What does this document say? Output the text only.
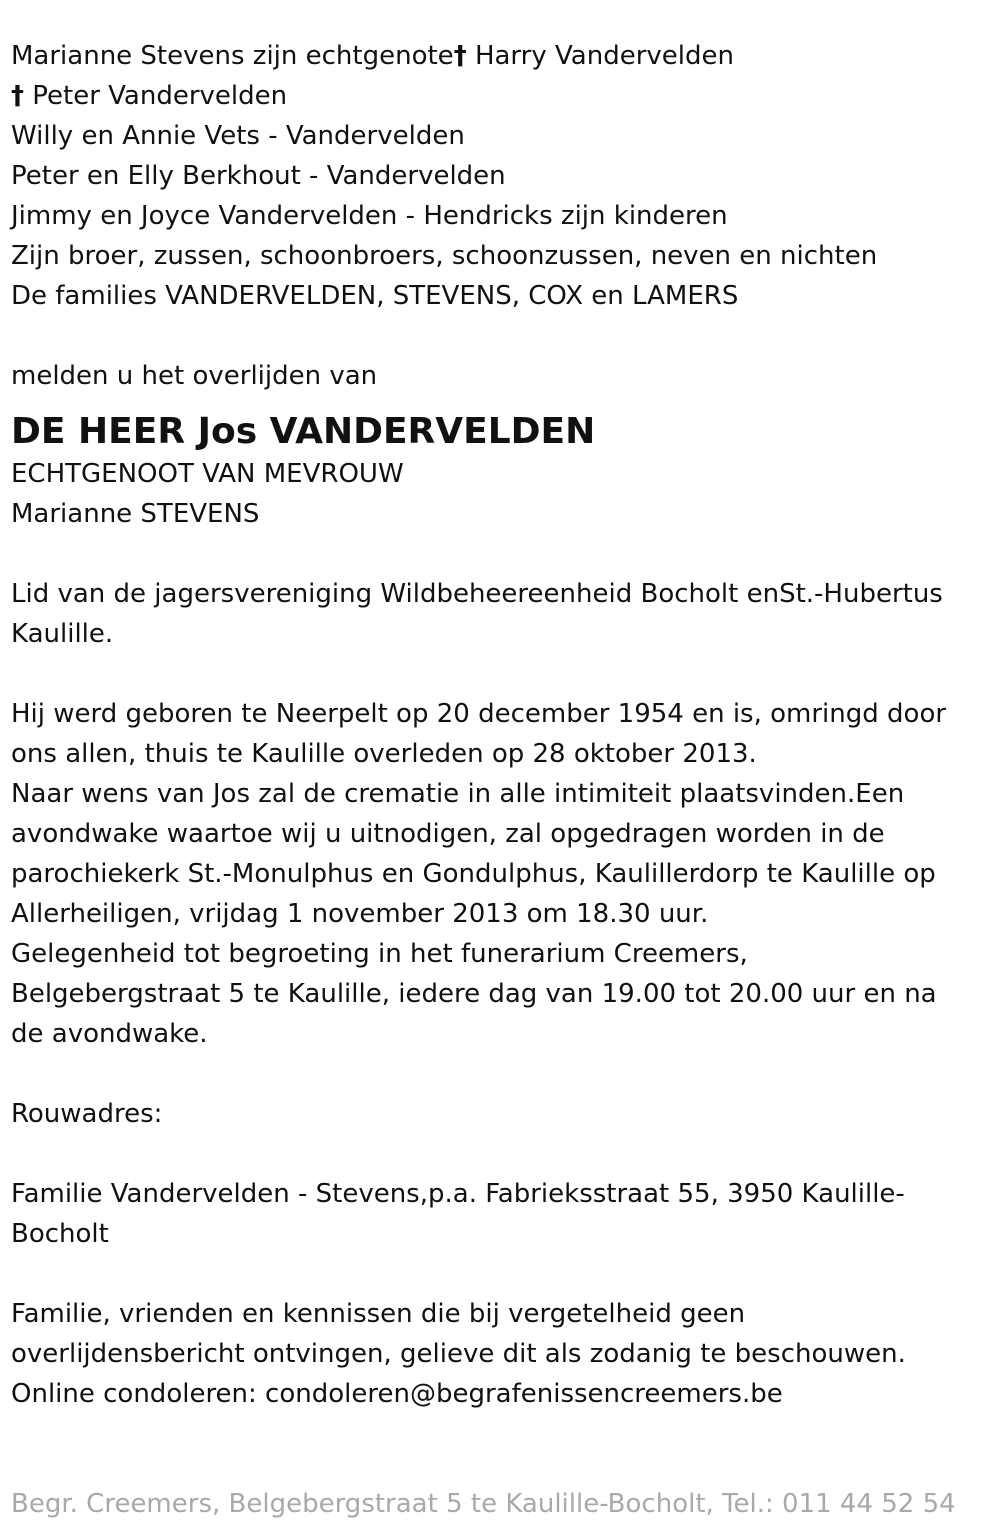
Marianne Stevens zijn echtgenote† Harry Vandervelden

† Peter Vandervelden

Willy en Annie Vets - Vandervelden

Peter en Elly Berkhout - Vandervelden

Jimmy en Joyce Vandervelden - Hendricks zijn kinderen

Zijn broer, zussen, schoonbroers, schoonzussen, neven en nichten

De families VANDERVELDEN, STEVENS, COX en LAMERS

melden u het overlijden van

DE HEER Jos VANDERVELDEN

ECHTGENOOT VAN MEVROUW

Marianne STEVENS

Lid van de jagersvereniging Wildbeheereenheid Bocholt enSt.-Hubertus

Kaulille.

Hij werd geboren te Neerpelt op 20 december 1954 en is, omringd door

ons allen, thuis te Kaulille overleden op 28 oktober 2013.

Naar wens van Jos zal de crematie in alle intimiteit plaatsvinden.Een

avondwake waartoe wij u uitnodigen, zal opgedragen worden in de

parochiekerk St.-Monulphus en Gondulphus, Kaulillerdorp te Kaulille op

Allerheiligen, vrijdag 1 november 2013 om 18.30 uur.

Gelegenheid tot begroeting in het funerarium Creemers,

Belgebergstraat 5 te Kaulille, iedere dag van 19.00 tot 20.00 uur en na

de avondwake.

Rouwadres:

Familie Vandervelden - Stevens,p.a. Fabrieksstraat 55, 3950 Kaulille-

Bocholt

Familie, vrienden en kennissen die bij vergetelheid geen

overlijdensbericht ontvingen, gelieve dit als zodanig te beschouwen.

Online condoleren: condoleren@begrafenissencreemers.be

Begr. Creemers, Belgebergstraat 5 te Kaulille-Bocholt, Tel.: 011 44 52 54
